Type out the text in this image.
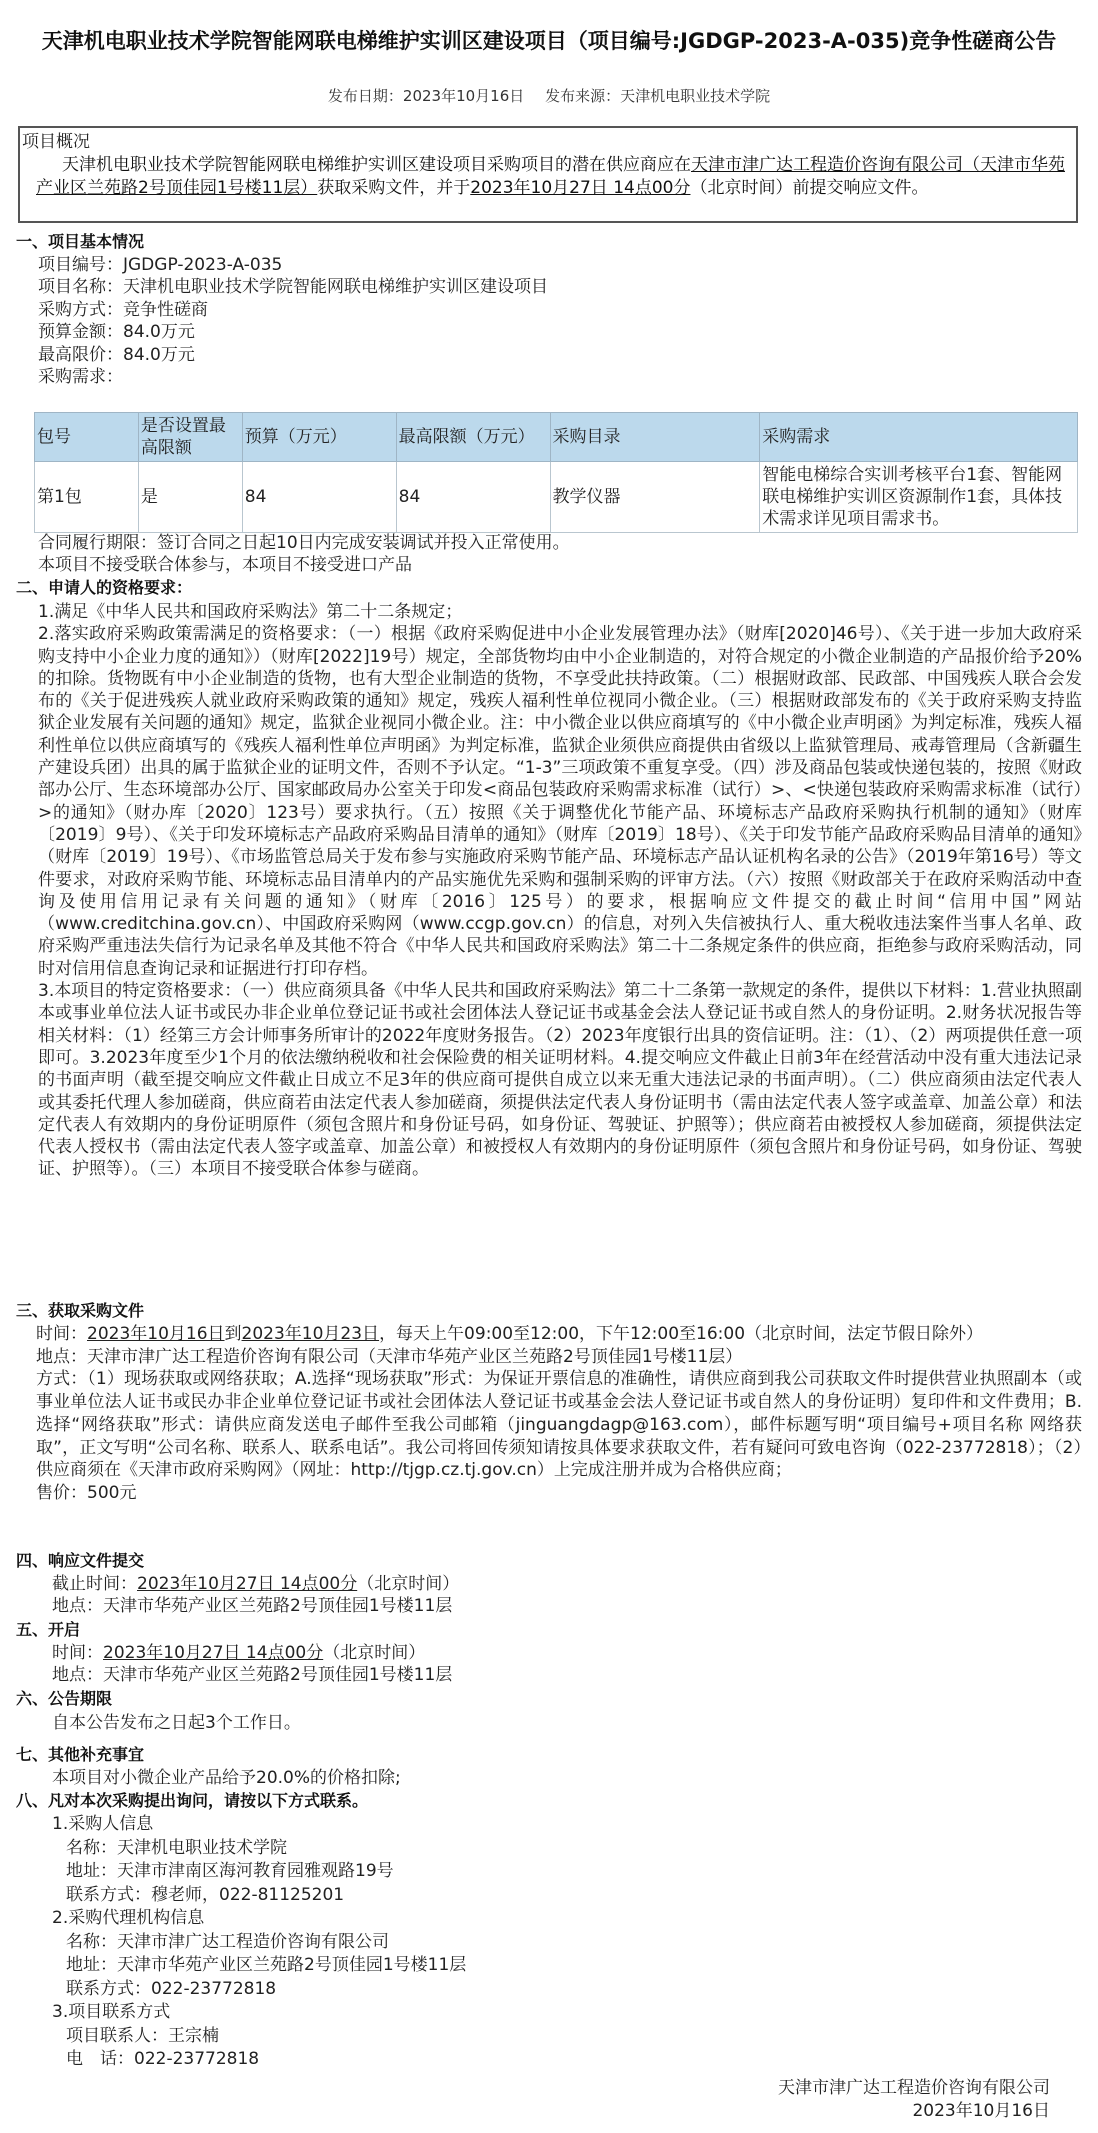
天津机电职业技术学院智能网联电梯维护实训区建设项目（项目编号:JGDGP-2023-A-035)竞争性磋商公告
发布日期：2023年10月16日 发布来源：天津机电职业技术学院
项目概况
天津机电职业技术学院智能网联电梯维护实训区建设项目采购项目的潜在供应商应在天津市津广达工程造价咨询有限公司（天津市华苑产业区兰苑路2号顶佳园1号楼11层）获取采购文件，并于2023年10月27日 14点00分（北京时间）前提交响应文件。
一、项目基本情况
项目编号：JGDGP-2023-A-035
项目名称：天津机电职业技术学院智能网联电梯维护实训区建设项目
采购方式：竞争性磋商
预算金额：84.0万元
最高限价：84.0万元
采购需求：
包号	是否设置最高限额	预算（万元）	最高限额（万元）	采购目录	采购需求
第1包	是	84	84	教学仪器	智能电梯综合实训考核平台1套、智能网联电梯维护实训区资源制作1套，具体技术需求详见项目需求书。
合同履行期限：签订合同之日起10日内完成安装调试并投入正常使用。
本项目不接受联合体参与，本项目不接受进口产品
二、申请人的资格要求：
1.满足《中华人民共和国政府采购法》第二十二条规定；
2.落实政府采购政策需满足的资格要求：（一）根据《政府采购促进中小企业发展管理办法》（财库[2020]46号）、《关于进一步加大政府采购支持中小企业力度的通知》）（财库[2022]19号）规定，全部货物均由中小企业制造的，对符合规定的小微企业制造的产品报价给予20%的扣除。货物既有中小企业制造的货物，也有大型企业制造的货物，不享受此扶持政策。（二）根据财政部、民政部、中国残疾人联合会发布的《关于促进残疾人就业政府采购政策的通知》规定，残疾人福利性单位视同小微企业。（三）根据财政部发布的《关于政府采购支持监狱企业发展有关问题的通知》规定，监狱企业视同小微企业。注：中小微企业以供应商填写的《中小微企业声明函》为判定标准，残疾人福利性单位以供应商填写的《残疾人福利性单位声明函》为判定标准，监狱企业须供应商提供由省级以上监狱管理局、戒毒管理局（含新疆生产建设兵团）出具的属于监狱企业的证明文件，否则不予认定。“1-3”三项政策不重复享受。（四）涉及商品包装或快递包装的，按照《财政部办公厅、生态环境部办公厅、国家邮政局办公室关于印发<商品包装政府采购需求标准（试行）>、<快递包装政府采购需求标准（试行）>的通知》（财办库〔2020〕123号）要求执行。（五）按照《关于调整优化节能产品、环境标志产品政府采购执行机制的通知》（财库〔2019〕9号）、《关于印发环境标志产品政府采购品目清单的通知》（财库〔2019〕18号）、《关于印发节能产品政府采购品目清单的通知》（财库〔2019〕19号）、《市场监管总局关于发布参与实施政府采购节能产品、环境标志产品认证机构名录的公告》（2019年第16号）等文件要求，对政府采购节能、环境标志品目清单内的产品实施优先采购和强制采购的评审方法。（六）按照《财政部关于在政府采购活动中查询及使用信用记录有关问题的通知》（财库〔2016〕125号）的要求，根据响应文件提交的截止时间“信用中国”网站（www.creditchina.gov.cn）、中国政府采购网（www.ccgp.gov.cn）的信息，对列入失信被执行人、重大税收违法案件当事人名单、政府采购严重违法失信行为记录名单及其他不符合《中华人民共和国政府采购法》第二十二条规定条件的供应商，拒绝参与政府采购活动，同时对信用信息查询记录和证据进行打印存档。
3.本项目的特定资格要求：（一）供应商须具备《中华人民共和国政府采购法》第二十二条第一款规定的条件，提供以下材料：1.营业执照副本或事业单位法人证书或民办非企业单位登记证书或社会团体法人登记证书或基金会法人登记证书或自然人的身份证明。2.财务状况报告等相关材料：（1）经第三方会计师事务所审计的2022年度财务报告。（2）2023年度银行出具的资信证明。注：（1）、（2）两项提供任意一项即可。3.2023年度至少1个月的依法缴纳税收和社会保险费的相关证明材料。4.提交响应文件截止日前3年在经营活动中没有重大违法记录的书面声明（截至提交响应文件截止日成立不足3年的供应商可提供自成立以来无重大违法记录的书面声明）。（二）供应商须由法定代表人或其委托代理人参加磋商，供应商若由法定代表人参加磋商，须提供法定代表人身份证明书（需由法定代表人签字或盖章、加盖公章）和法定代表人有效期内的身份证明原件（须包含照片和身份证号码，如身份证、驾驶证、护照等）；供应商若由被授权人参加磋商，须提供法定代表人授权书（需由法定代表人签字或盖章、加盖公章）和被授权人有效期内的身份证明原件（须包含照片和身份证号码，如身份证、驾驶证、护照等）。（三）本项目不接受联合体参与磋商。
三、获取采购文件
时间：2023年10月16日到2023年10月23日，每天上午09:00至12:00，下午12:00至16:00（北京时间，法定节假日除外）
地点：天津市津广达工程造价咨询有限公司（天津市华苑产业区兰苑路2号顶佳园1号楼11层）
方式：（1）现场获取或网络获取；A.选择“现场获取”形式：为保证开票信息的准确性，请供应商到我公司获取文件时提供营业执照副本（或事业单位法人证书或民办非企业单位登记证书或社会团体法人登记证书或基金会法人登记证书或自然人的身份证明）复印件和文件费用；B.选择“网络获取”形式：请供应商发送电子邮件至我公司邮箱（jinguangdagp@163.com），邮件标题写明“项目编号+项目名称 网络获取”，正文写明“公司名称、联系人、联系电话”。我公司将回传须知请按具体要求获取文件，若有疑问可致电咨询（022-23772818）；（2）供应商须在《天津市政府采购网》（网址：http://tjgp.cz.tj.gov.cn）上完成注册并成为合格供应商；
售价：500元
四、响应文件提交
截止时间：2023年10月27日 14点00分（北京时间）
地点：天津市华苑产业区兰苑路2号顶佳园1号楼11层
五、开启
时间：2023年10月27日 14点00分（北京时间）
地点：天津市华苑产业区兰苑路2号顶佳园1号楼11层
六、公告期限
自本公告发布之日起3个工作日。
七、其他补充事宜
本项目对小微企业产品给予20.0%的价格扣除;
八、凡对本次采购提出询问，请按以下方式联系。
1.采购人信息
名称：天津机电职业技术学院
地址：天津市津南区海河教育园雅观路19号
联系方式：穆老师，022-81125201
2.采购代理机构信息
名称：天津市津广达工程造价咨询有限公司
地址：天津市华苑产业区兰苑路2号顶佳园1号楼11层
联系方式：022-23772818
3.项目联系方式
项目联系人：王宗楠
电　话：022-23772818
天津市津广达工程造价咨询有限公司
2023年10月16日
